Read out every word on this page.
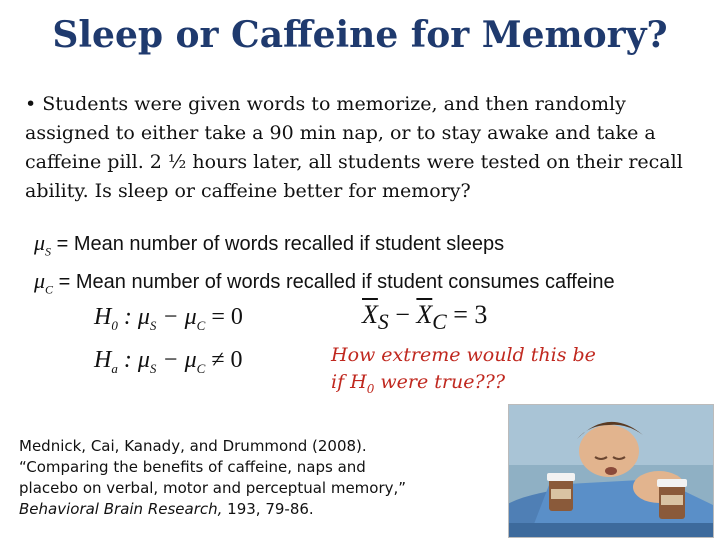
Sleep or Caffeine for Memory?
• Students were given words to memorize, and then randomly assigned to either take a 90 min nap, or to stay awake and take a caffeine pill. 2 ½ hours later, all students were tested on their recall ability. Is sleep or caffeine better for memory?
$\mu_S$ = Mean number of words recalled if student sleeps
$\mu_C$ = Mean number of words recalled if student consumes caffeine
$H_0$ : $\mu_S - \mu_C = 0$
$H_a$ : $\mu_S - \mu_C \ne 0$
$\overline{X}_S - \overline{X}_C = 3$
How extreme would this be
if $H_0$ were true???
Mednick, Cai, Kanady, and Drummond (2008). “Comparing the benefits of caffeine, naps and placebo on verbal, motor and perceptual memory,” Behavioral Brain Research, 193, 79-86.
